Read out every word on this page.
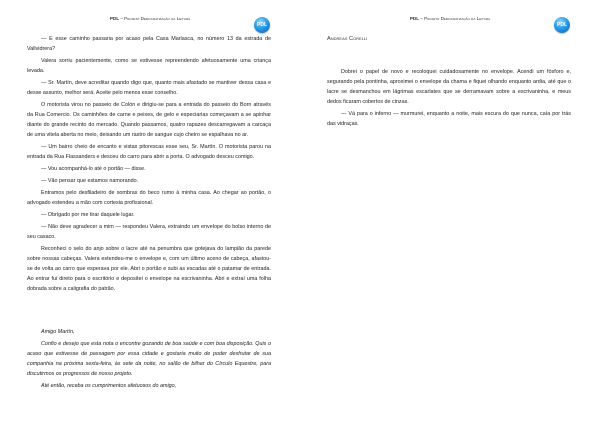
PDL – Projeto Democratização da Leitura
PDL

— E esse caminho passaria por acaso pela Casa Marlasca, no número 13 da estrada de Vallvidrera?

Valera sorriu pacientemente, como se estivesse repreendendo afetuosamente uma criança levada.

— Sr. Martín, deve acreditar quando digo que, quanto mais afastado se mantiver dessa casa e desse assunto, melhor será. Aceite pelo menos esse conselho.

O motorista virou no passeio de Colón e dirigiu-se para a entrada do passeio do Born através da Rua Comercio. Os caminhões de carne e peixes, de gelo e especiarias começavam a se apinhar diante do grande recinto do mercado. Quando passamos, quatro rapazes descarregavam a carcaça de uma vitela aberta no meio, deixando um rastro de sangue cujo cheiro se espalhava no ar.

— Um bairro cheio de encanto e vistas pitorescas esse seu, Sr. Martín. O motorista parou na entrada da Rua Flassanders e desceu do carro para abrir a porta. O advogado desceu comigo.

— Vou acompanhá-lo até o portão — disse.

— Vão pensar que estamos namorando.

Entramos pelo desfiladeiro de sombras do beco rumo à minha casa. Ao chegar ao portão, o advogado estendeu a mão com cortesia profissional.

— Obrigado por me tirar daquele lugar.

— Não deve agradecer a mim — respondeu Valera, extraindo um envelope do bolso interno de seu casaco.

Reconheci o selo do anjo sobre o lacre até na penumbra que gotejava do lampião da parede sobre nossas cabeças. Valera estendeu-me o envelope e, com um último aceno de cabeça, afastou-se de volta ao carro que esperava por ele. Abri o portão e subi as escadas até o patamar de entrada. Ao entrar fui direto para o escritório e depositei o envelope na escrivaninha. Abri e extraí uma folha dobrada sobre a caligrafia do patrão.

Amigo Martín,

Confio e desejo que esta nota o encontre gozando de boa saúde e com boa disposição. Quis o acaso que estivesse de passagem por essa cidade e gostaria muito de poder desfrutar de sua companhia na próxima sexta-feira, às sete da noite, no salão de bilhar do Círculo Equestre, para discutirmos os progressos de nosso projeto.

Até então, receba os cumprimentos afetuosos do amigo,

PDL – Projeto Democratização da Leitura
PDL

Dobrei o papel de novo e recoloquei cuidadosamente no envelope. Acendi um fósforo e, segurando pela pontinha, aproximei o envelope da chama e fiquei olhando enquanto ardia, até que o lacre se desmanchou em lágrimas escarlates que se derramavam sobre a escrivaninha, e meus dedos ficaram cobertos de cinzas.

— Vá para o inferno — murmurei, enquanto a noite, mais escura do que nunca, caía por trás das vidraças.

Andreas Corelli
